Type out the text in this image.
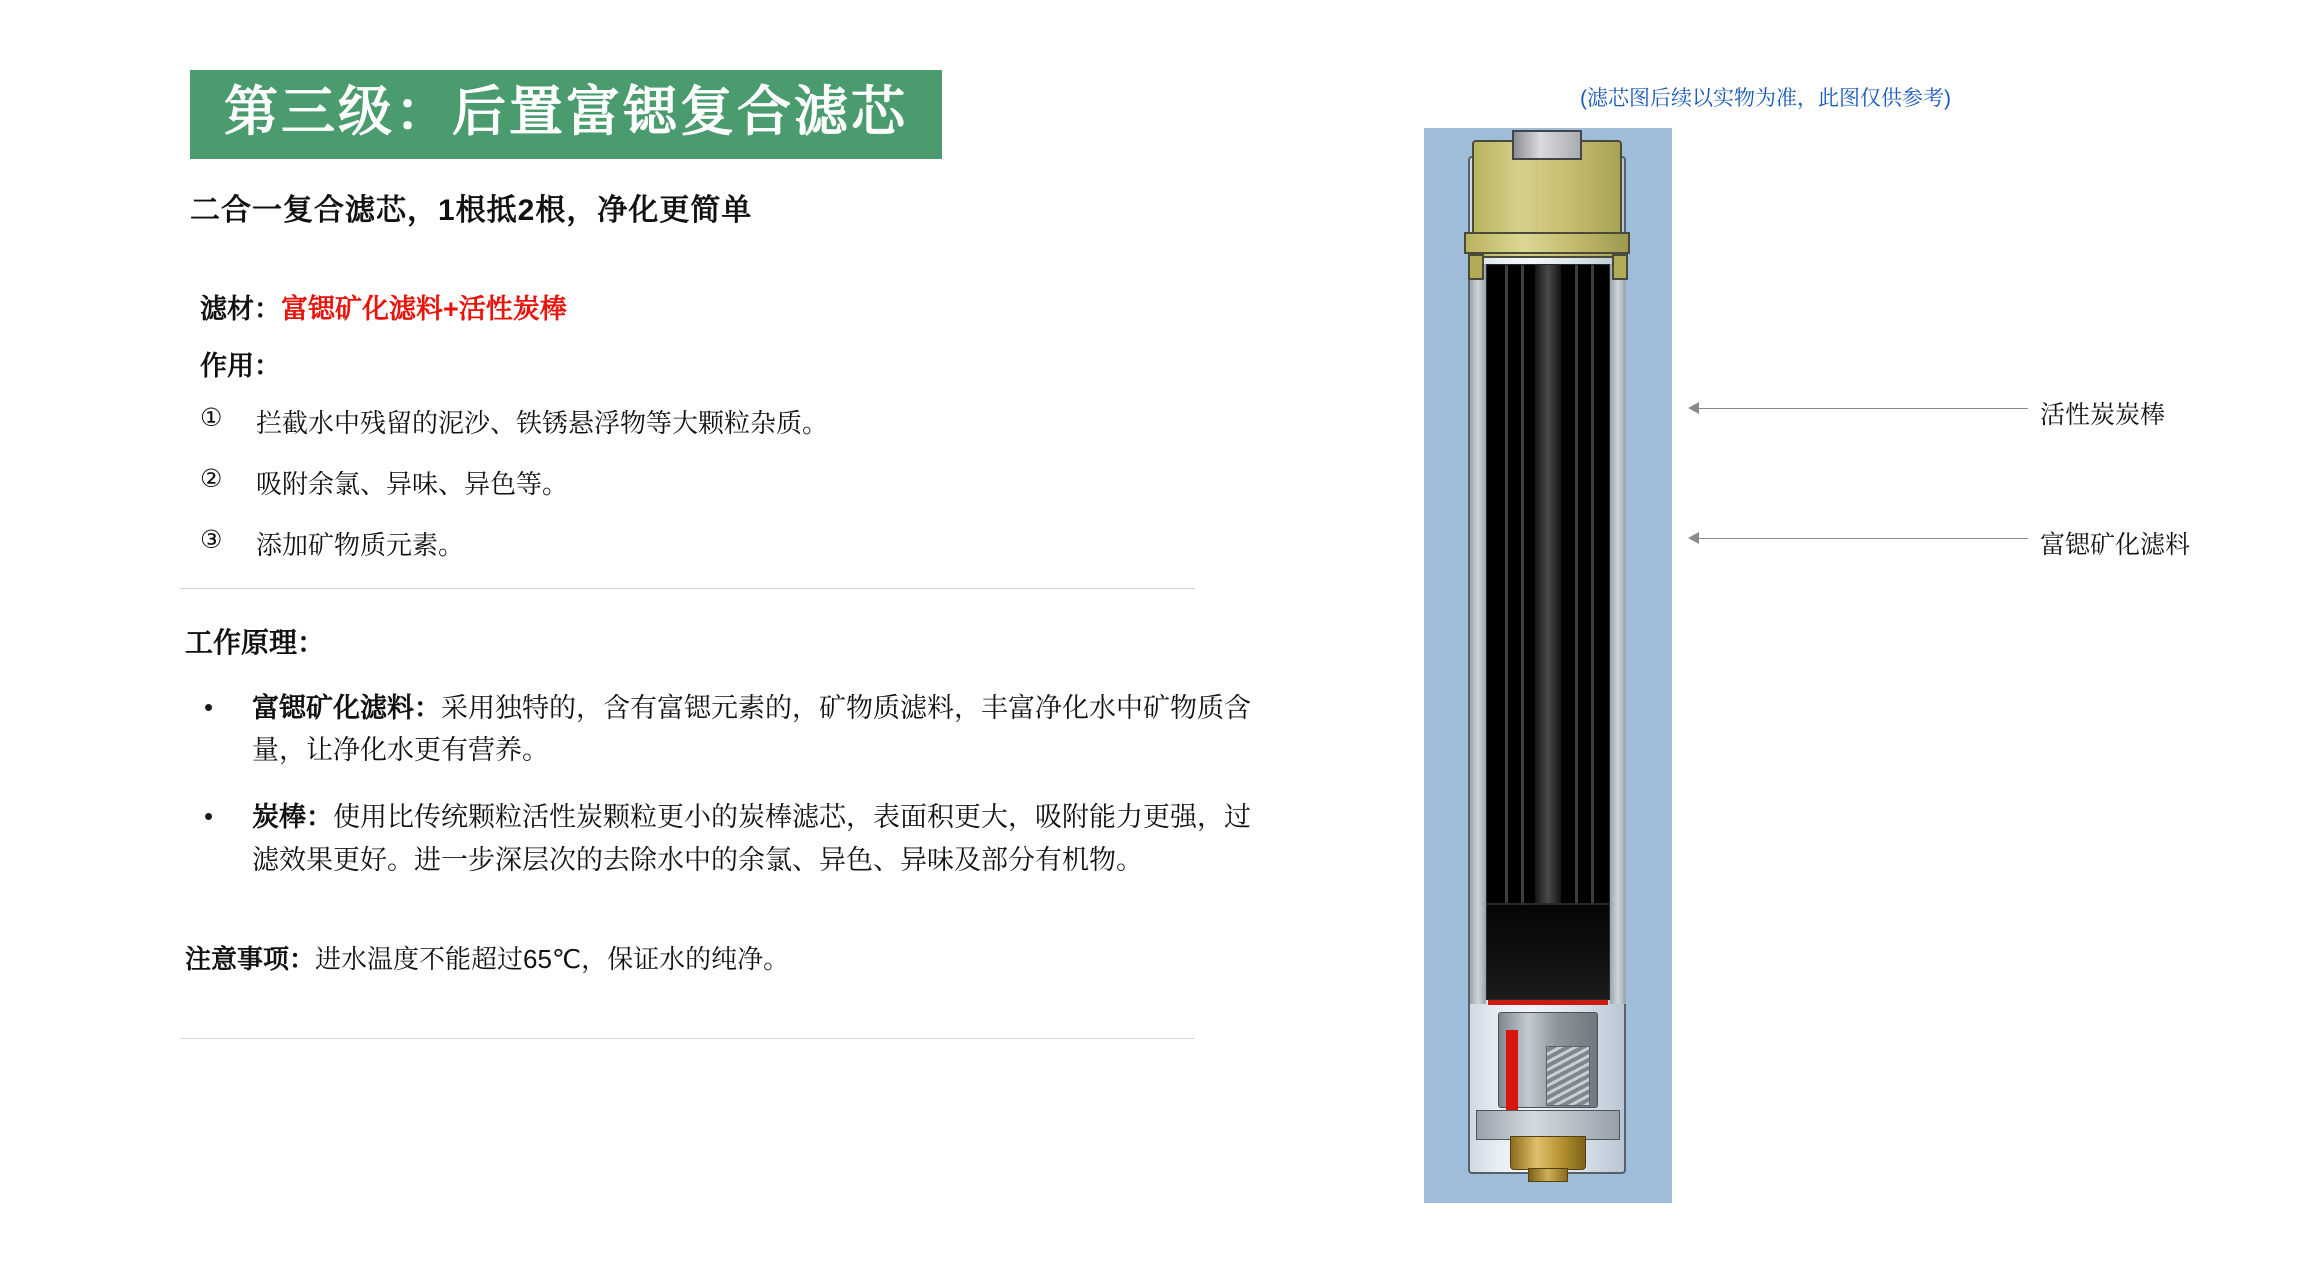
第三级：后置富锶复合滤芯
二合一复合滤芯，1根抵2根，净化更简单
滤材：富锶矿化滤料+活性炭棒
作用：
①	拦截水中残留的泥沙、铁锈悬浮物等大颗粒杂质。
②	吸附余氯、异味、异色等。
③	添加矿物质元素。
工作原理：
•	富锶矿化滤料：采用独特的，含有富锶元素的，矿物质滤料，丰富净化水中矿物质含量，让净化水更有营养。
•	炭棒：使用比传统颗粒活性炭颗粒更小的炭棒滤芯，表面积更大，吸附能力更强，过滤效果更好。进一步深层次的去除水中的余氯、异色、异味及部分有机物。
注意事项：进水温度不能超过65℃，保证水的纯净。
(滤芯图后续以实物为准，此图仅供参考)
活性炭炭棒
富锶矿化滤料
